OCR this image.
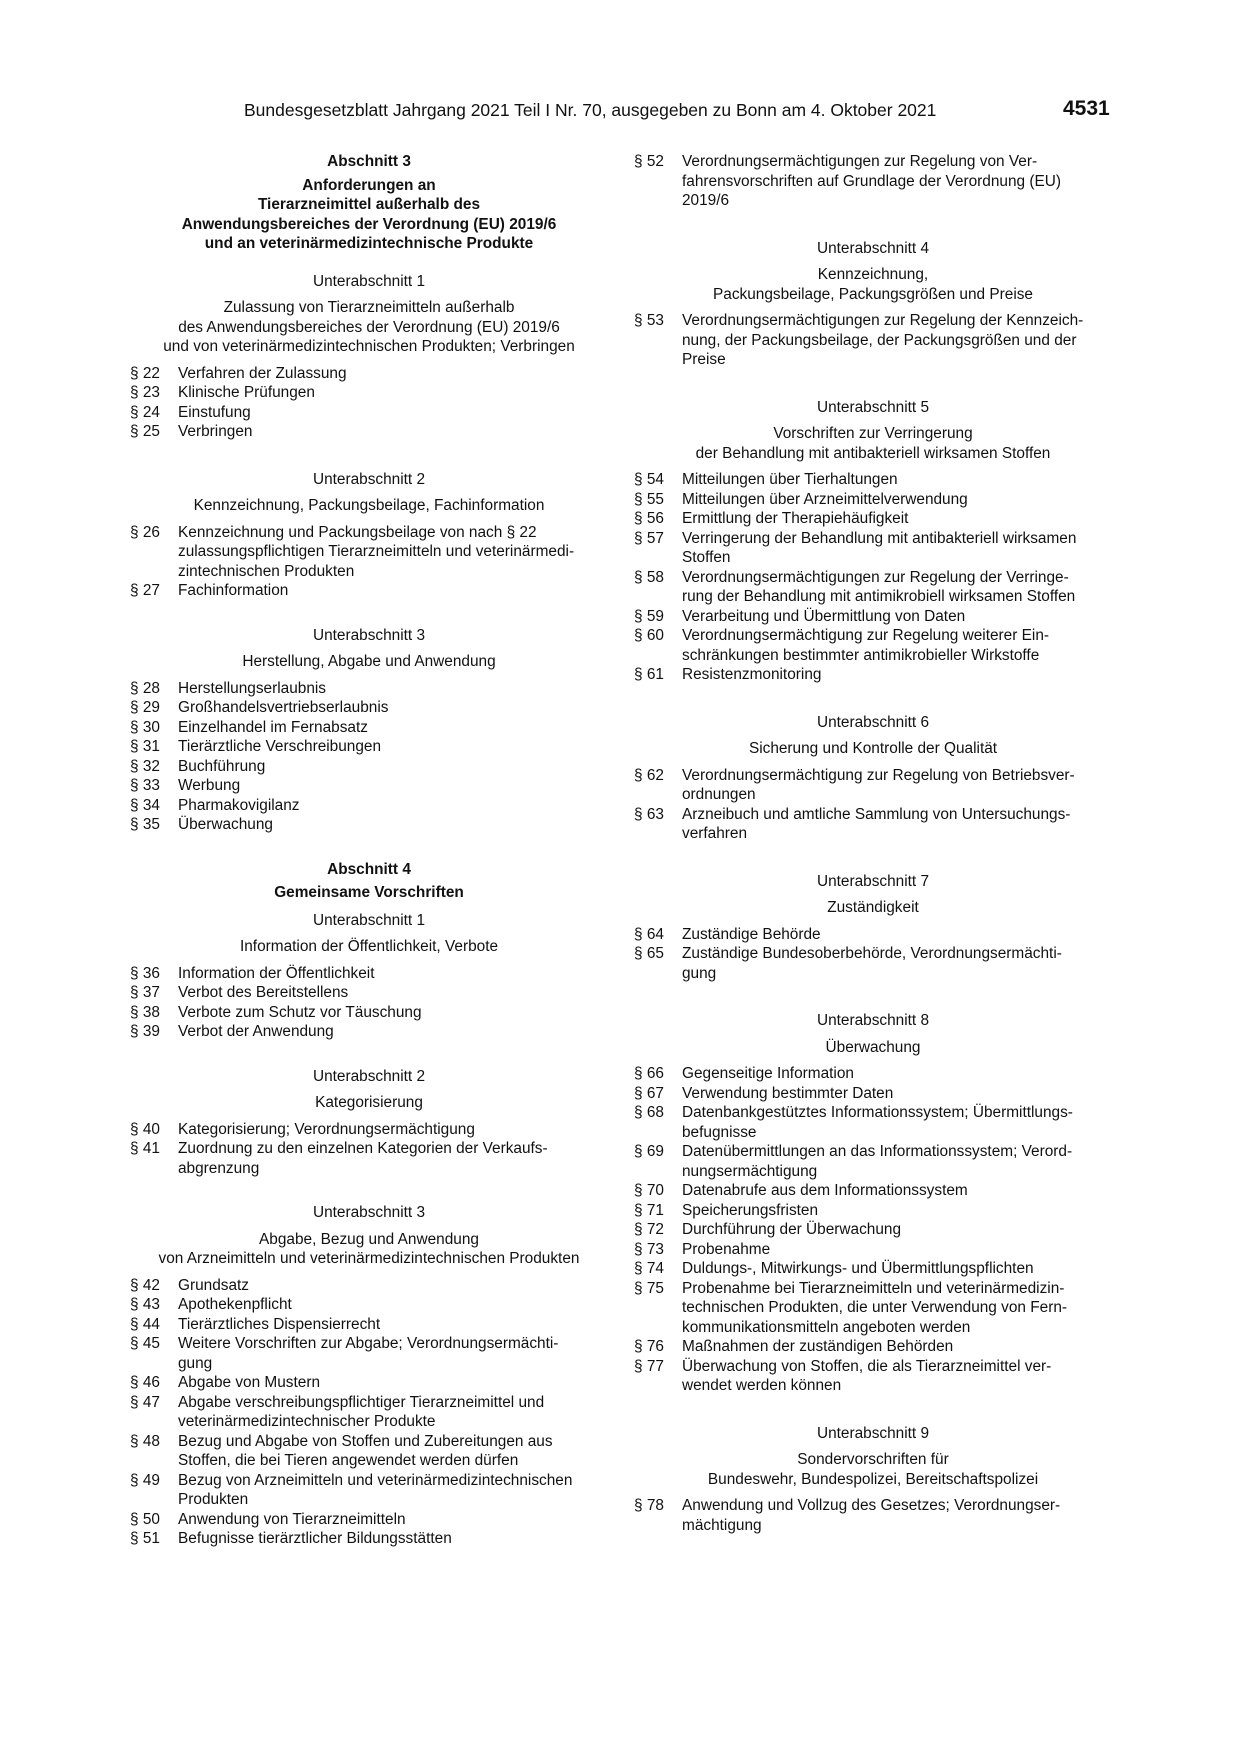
Bundesgesetzblatt Jahrgang 2021 Teil I Nr. 70, ausgegeben zu Bonn am 4. Oktober 2021	4531
Abschnitt 3
Anforderungen an
Tierarzneimittel außerhalb des
Anwendungsbereiches der Verordnung (EU) 2019/6
und an veterinärmedizintechnische Produkte
Unterabschnitt 1
Zulassung von Tierarzneimitteln außerhalb
des Anwendungsbereiches der Verordnung (EU) 2019/6
und von veterinärmedizintechnischen Produkten; Verbringen
§ 22	Verfahren der Zulassung
§ 23	Klinische Prüfungen
§ 24	Einstufung
§ 25	Verbringen
Unterabschnitt 2
Kennzeichnung, Packungsbeilage, Fachinformation
§ 26	Kennzeichnung und Packungsbeilage von nach § 22
zulassungspflichtigen Tierarzneimitteln und veterinärmedi-
zintechnischen Produkten
§ 27	Fachinformation
Unterabschnitt 3
Herstellung, Abgabe und Anwendung
§ 28	Herstellungserlaubnis
§ 29	Großhandelsvertriebserlaubnis
§ 30	Einzelhandel im Fernabsatz
§ 31	Tierärztliche Verschreibungen
§ 32	Buchführung
§ 33	Werbung
§ 34	Pharmakovigilanz
§ 35	Überwachung
Abschnitt 4
Gemeinsame Vorschriften
Unterabschnitt 1
Information der Öffentlichkeit, Verbote
§ 36	Information der Öffentlichkeit
§ 37	Verbot des Bereitstellens
§ 38	Verbote zum Schutz vor Täuschung
§ 39	Verbot der Anwendung
Unterabschnitt 2
Kategorisierung
§ 40	Kategorisierung; Verordnungsermächtigung
§ 41	Zuordnung zu den einzelnen Kategorien der Verkaufs-
abgrenzung
Unterabschnitt 3
Abgabe, Bezug und Anwendung
von Arzneimitteln und veterinärmedizintechnischen Produkten
§ 42	Grundsatz
§ 43	Apothekenpflicht
§ 44	Tierärztliches Dispensierrecht
§ 45	Weitere Vorschriften zur Abgabe; Verordnungsermächti-
gung
§ 46	Abgabe von Mustern
§ 47	Abgabe verschreibungspflichtiger Tierarzneimittel und
veterinärmedizintechnischer Produkte
§ 48	Bezug und Abgabe von Stoffen und Zubereitungen aus
Stoffen, die bei Tieren angewendet werden dürfen
§ 49	Bezug von Arzneimitteln und veterinärmedizintechnischen
Produkten
§ 50	Anwendung von Tierarzneimitteln
§ 51	Befugnisse tierärztlicher Bildungsstätten
§ 52	Verordnungsermächtigungen zur Regelung von Ver-
fahrensvorschriften auf Grundlage der Verordnung (EU)
2019/6
Unterabschnitt 4
Kennzeichnung,
Packungsbeilage, Packungsgrößen und Preise
§ 53	Verordnungsermächtigungen zur Regelung der Kennzeich-
nung, der Packungsbeilage, der Packungsgrößen und der
Preise
Unterabschnitt 5
Vorschriften zur Verringerung
der Behandlung mit antibakteriell wirksamen Stoffen
§ 54	Mitteilungen über Tierhaltungen
§ 55	Mitteilungen über Arzneimittelverwendung
§ 56	Ermittlung der Therapiehäufigkeit
§ 57	Verringerung der Behandlung mit antibakteriell wirksamen
Stoffen
§ 58	Verordnungsermächtigungen zur Regelung der Verringe-
rung der Behandlung mit antimikrobiell wirksamen Stoffen
§ 59	Verarbeitung und Übermittlung von Daten
§ 60	Verordnungsermächtigung zur Regelung weiterer Ein-
schränkungen bestimmter antimikrobieller Wirkstoffe
§ 61	Resistenzmonitoring
Unterabschnitt 6
Sicherung und Kontrolle der Qualität
§ 62	Verordnungsermächtigung zur Regelung von Betriebsver-
ordnungen
§ 63	Arzneibuch und amtliche Sammlung von Untersuchungs-
verfahren
Unterabschnitt 7
Zuständigkeit
§ 64	Zuständige Behörde
§ 65	Zuständige Bundesoberbehörde, Verordnungsermächti-
gung
Unterabschnitt 8
Überwachung
§ 66	Gegenseitige Information
§ 67	Verwendung bestimmter Daten
§ 68	Datenbankgestütztes Informationssystem; Übermittlungs-
befugnisse
§ 69	Datenübermittlungen an das Informationssystem; Verord-
nungsermächtigung
§ 70	Datenabrufe aus dem Informationssystem
§ 71	Speicherungsfristen
§ 72	Durchführung der Überwachung
§ 73	Probenahme
§ 74	Duldungs-, Mitwirkungs- und Übermittlungspflichten
§ 75	Probenahme bei Tierarzneimitteln und veterinärmedizin-
technischen Produkten, die unter Verwendung von Fern-
kommunikationsmitteln angeboten werden
§ 76	Maßnahmen der zuständigen Behörden
§ 77	Überwachung von Stoffen, die als Tierarzneimittel ver-
wendet werden können
Unterabschnitt 9
Sondervorschriften für
Bundeswehr, Bundespolizei, Bereitschaftspolizei
§ 78	Anwendung und Vollzug des Gesetzes; Verordnungser-
mächtigung
